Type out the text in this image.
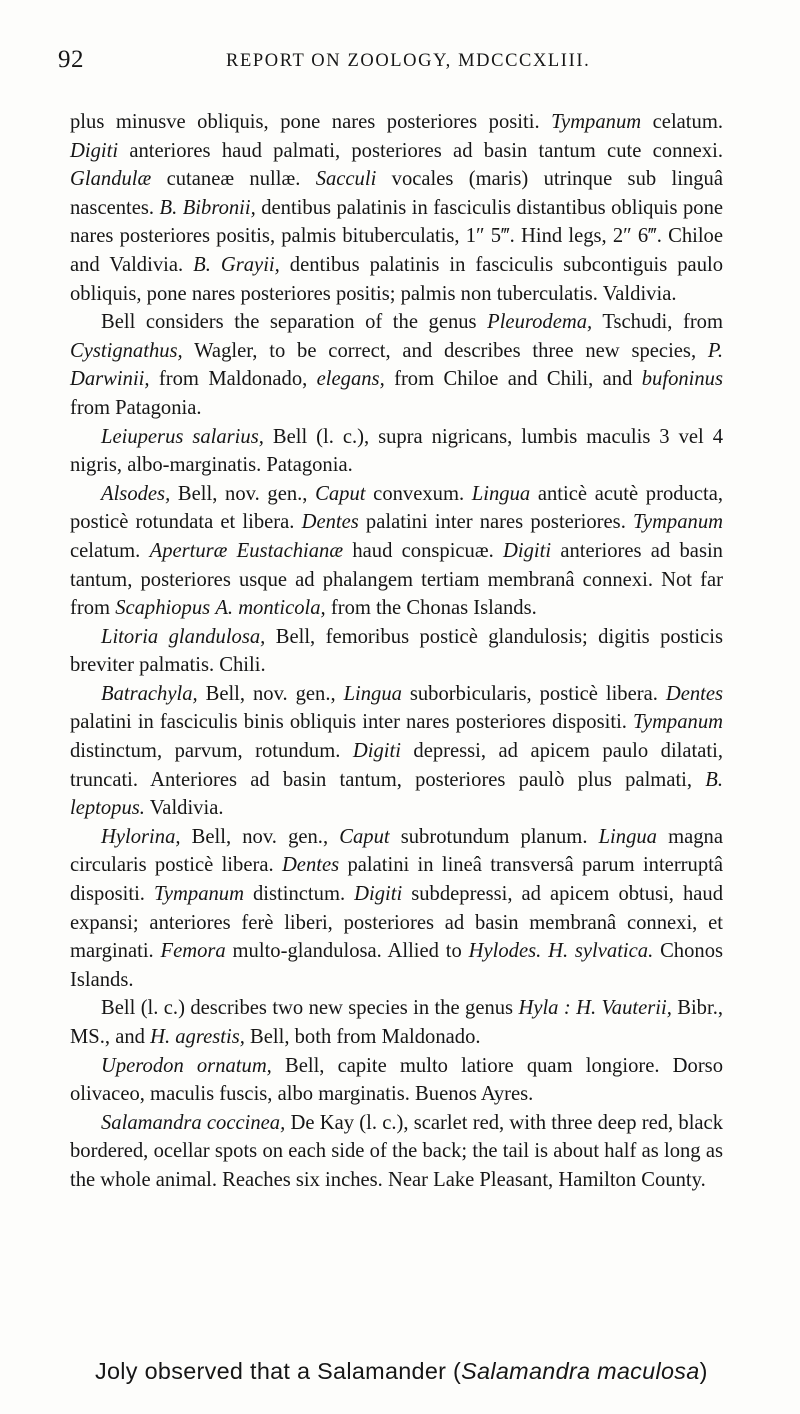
92	REPORT ON ZOOLOGY, MDCCCXLIII.

plus minusve obliquis, pone nares posteriores positi. Tympanum celatum. Digiti anteriores haud palmati, posteriores ad basin tantum cute connexi. Glandulæ cutaneæ nullæ. Sacculi vocales (maris) utrinque sub linguâ nascentes. B. Bibronii, dentibus palatinis in fasciculis distantibus obliquis pone nares posteriores positis, palmis bituberculatis, 1″ 5‴. Hind legs, 2″ 6‴. Chiloe and Valdivia. B. Grayii, dentibus palatinis in fasciculis subcontiguis paulo obliquis, pone nares posteriores positis; palmis non tuberculatis. Valdivia.

Bell considers the separation of the genus Pleurodema, Tschudi, from Cystignathus, Wagler, to be correct, and describes three new species, P. Darwinii, from Maldonado, elegans, from Chiloe and Chili, and bufoninus from Patagonia.

Leiuperus salarius, Bell (l. c.), supra nigricans, lumbis maculis 3 vel 4 nigris, albo-marginatis. Patagonia.

Alsodes, Bell, nov. gen., Caput convexum. Lingua anticè acutè producta, posticè rotundata et libera. Dentes palatini inter nares posteriores. Tympanum celatum. Aperturæ Eustachianæ haud conspicuæ. Digiti anteriores ad basin tantum, posteriores usque ad phalangem tertiam membranâ connexi. Not far from Scaphiopus A. monticola, from the Chonas Islands.

Litoria glandulosa, Bell, femoribus posticè glandulosis; digitis posticis breviter palmatis. Chili.

Batrachyla, Bell, nov. gen., Lingua suborbicularis, posticè libera. Dentes palatini in fasciculis binis obliquis inter nares posteriores dispositi. Tympanum distinctum, parvum, rotundum. Digiti depressi, ad apicem paulo dilatati, truncati. Anteriores ad basin tantum, posteriores paulò plus palmati, B. leptopus. Valdivia.

Hylorina, Bell, nov. gen., Caput subrotundum planum. Lingua magna circularis posticè libera. Dentes palatini in lineâ transversâ parum interruptâ dispositi. Tympanum distinctum. Digiti subdepressi, ad apicem obtusi, haud expansi; anteriores ferè liberi, posteriores ad basin membranâ connexi, et marginati. Femora multo-glandulosa. Allied to Hylodes. H. sylvatica. Chonos Islands.

Bell (l. c.) describes two new species in the genus Hyla : H. Vauterii, Bibr., MS., and H. agrestis, Bell, both from Maldonado.

Uperodon ornatum, Bell, capite multo latiore quam longiore. Dorso olivaceo, maculis fuscis, albo marginatis. Buenos Ayres.

Salamandra coccinea, De Kay (l. c.), scarlet red, with three deep red, black bordered, ocellar spots on each side of the back; the tail is about half as long as the whole animal. Reaches six inches. Near Lake Pleasant, Hamilton County.

Joly observed that a Salamander (Salamandra maculosa)
